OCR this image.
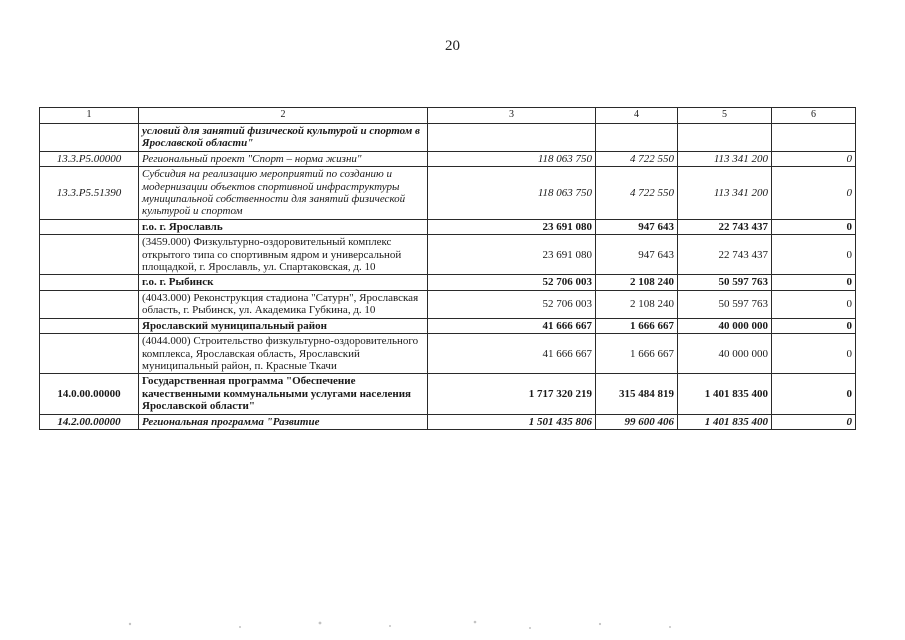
20
1	2	3	4	5	6
	условий для занятий физической культурой и спортом в Ярославской области"				
13.3.P5.00000	Региональный проект "Спорт – норма жизни"	118 063 750	4 722 550	113 341 200	0
13.3.P5.51390	Субсидия на реализацию мероприятий по созданию и модернизации объектов спортивной инфраструктуры муниципальной собственности для занятий физической культурой и спортом	118 063 750	4 722 550	113 341 200	0
	г.о. г. Ярославль	23 691 080	947 643	22 743 437	0
	(3459.000) Физкультурно-оздоровительный комплекс открытого типа со спортивным ядром и универсальной площадкой, г. Ярославль, ул. Спартаковская, д. 10	23 691 080	947 643	22 743 437	0
	г.о. г. Рыбинск	52 706 003	2 108 240	50 597 763	0
	(4043.000) Реконструкция стадиона "Сатурн", Ярославская область, г. Рыбинск, ул. Академика Губкина, д. 10	52 706 003	2 108 240	50 597 763	0
	Ярославский муниципальный район	41 666 667	1 666 667	40 000 000	0
	(4044.000) Строительство физкультурно-оздоровительного комплекса, Ярославская область, Ярославский муниципальный район, п. Красные Ткачи	41 666 667	1 666 667	40 000 000	0
14.0.00.00000	Государственная программа "Обеспечение качественными коммунальными услугами населения Ярославской области"	1 717 320 219	315 484 819	1 401 835 400	0
14.2.00.00000	Региональная программа "Развитие	1 501 435 806	99 600 406	1 401 835 400	0
